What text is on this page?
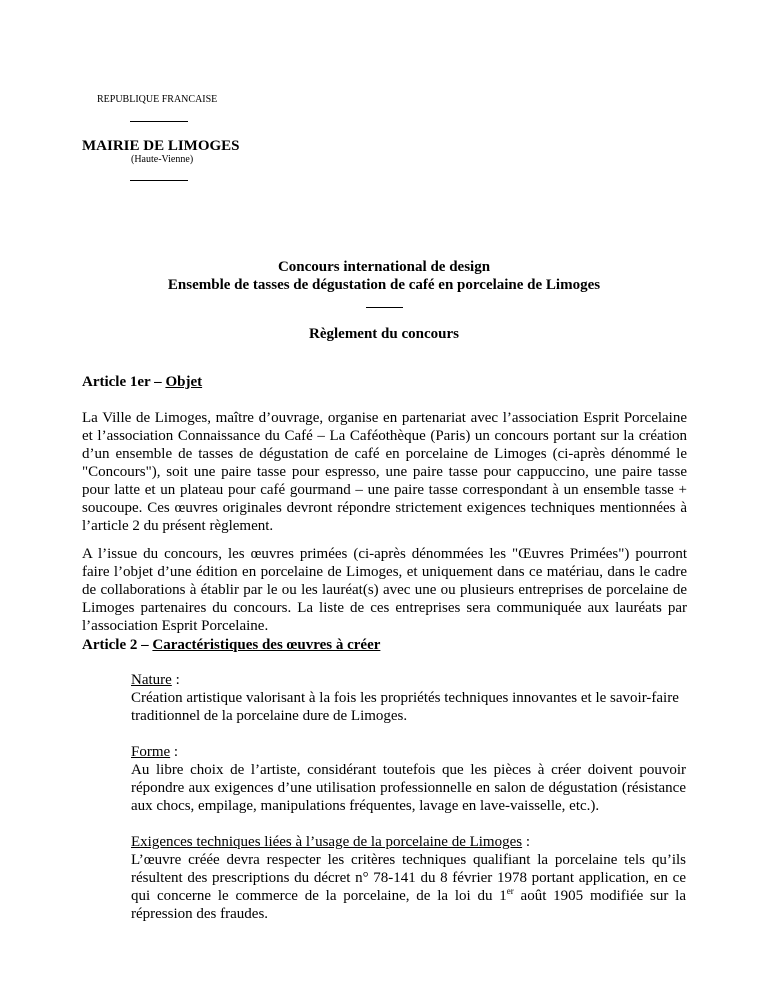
REPUBLIQUE FRANCAISE
MAIRIE DE LIMOGES
(Haute-Vienne)
Concours international de design
Ensemble de tasses de dégustation de café en porcelaine de Limoges
Règlement du concours
Article 1er – Objet
La Ville de Limoges, maître d’ouvrage, organise en partenariat avec l’association Esprit Porcelaine et l’association Connaissance du Café – La Caféothèque (Paris) un concours portant sur la création d’un ensemble de tasses de dégustation de café en porcelaine de Limoges (ci-après dénommé le "Concours"), soit une paire tasse pour espresso, une paire tasse pour cappuccino, une paire tasse pour latte et un plateau pour café gourmand – une paire tasse correspondant à un ensemble tasse + soucoupe. Ces œuvres originales devront répondre strictement exigences techniques mentionnées à l’article 2 du présent règlement.
A l’issue du concours, les œuvres primées (ci-après dénommées les "Œuvres Primées") pourront faire l’objet d’une édition en porcelaine de Limoges, et uniquement dans ce matériau, dans le cadre de collaborations à établir par le ou les lauréat(s) avec une ou plusieurs entreprises de porcelaine de Limoges partenaires du concours. La liste de ces entreprises sera communiquée aux lauréats par l’association Esprit Porcelaine.
Article 2 – Caractéristiques des œuvres à créer
Nature :
Création artistique valorisant à la fois les propriétés techniques innovantes et le savoir-faire traditionnel de la porcelaine dure de Limoges.
Forme :
Au libre choix de l’artiste, considérant toutefois que les pièces à créer doivent pouvoir répondre aux exigences d’une utilisation professionnelle en salon de dégustation (résistance aux chocs, empilage, manipulations fréquentes, lavage en lave-vaisselle, etc.).
Exigences techniques liées à l’usage de la porcelaine de Limoges :
L’œuvre créée devra respecter les critères techniques qualifiant la porcelaine tels qu’ils résultent des prescriptions du décret n° 78-141 du 8 février 1978 portant application, en ce qui concerne le commerce de la porcelaine, de la loi du 1er août 1905 modifiée sur la répression des fraudes.
